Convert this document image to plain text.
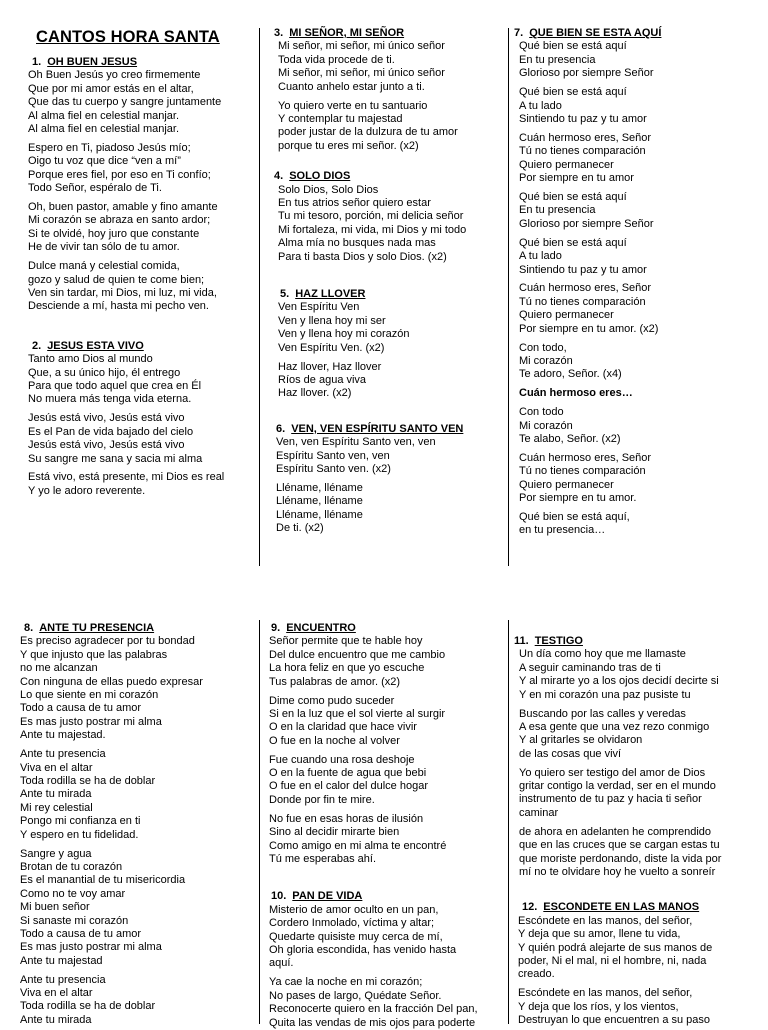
CANTOS HORA SANTA
1. OH BUEN JESUS
Oh Buen Jesús yo creo firmemente
Que por mi amor estás en el altar,
Que das tu cuerpo y sangre juntamente
Al alma fiel en celestial manjar.
Al alma fiel en celestial manjar.
Espero en Ti, piadoso Jesús mío;
Oigo tu voz que dice “ven a mí”
Porque eres fiel, por eso en Ti confío;
Todo Señor, espéralo de Ti.
Oh, buen pastor, amable y fino amante
Mi corazón se abraza en santo ardor;
Si te olvidé, hoy juro que constante
He de vivir tan sólo de tu amor.
Dulce maná y celestial comida,
gozo y salud de quien te come bien;
Ven sin tardar, mi Dios, mi luz, mi vida,
Desciende a mí, hasta mi pecho ven.
2. JESUS ESTA VIVO
Tanto amo Dios al mundo
Que, a su único hijo, él entrego
Para que todo aquel que crea en Él
No muera más tenga vida eterna.
Jesús está vivo, Jesús está vivo
Es el Pan de vida bajado del cielo
Jesús está vivo, Jesús está vivo
Su sangre me sana y sacia mi alma
Está vivo, está presente, mi Dios es real
Y yo le adoro reverente.
3. MI SEÑOR, MI SEÑOR
Mi señor, mi señor, mi único señor
Toda vida procede de ti.
Mi señor, mi señor, mi único señor
Cuanto anhelo estar junto a ti.
Yo quiero verte en tu santuario
Y contemplar tu majestad
poder justar de la dulzura de tu amor
porque tu eres mi señor. (x2)
4. SOLO DIOS
Solo Dios, Solo Dios
En tus atrios señor quiero estar
Tu mi tesoro, porción, mi delicia señor
Mi fortaleza, mi vida, mi Dios y mi todo
Alma mía no busques nada mas
Para ti basta Dios y solo Dios. (x2)
5. HAZ LLOVER
Ven Espíritu Ven
Ven y llena hoy mi ser
Ven y llena hoy mi corazón
Ven Espíritu Ven. (x2)
Haz llover, Haz llover
Ríos de agua viva
Haz llover. (x2)
6. VEN, VEN ESPÍRITU SANTO VEN
Ven, ven Espíritu Santo ven, ven
Espíritu Santo ven, ven
Espíritu Santo ven. (x2)
Lléname, lléname
Lléname, lléname
Lléname, lléname
De ti. (x2)
7. QUE BIEN SE ESTA AQUÍ
Qué bien se está aquí
En tu presencia
Glorioso por siempre Señor
Qué bien se está aquí
A tu lado
Sintiendo tu paz y tu amor
Cuán hermoso eres, Señor
Tú no tienes comparación
Quiero permanecer
Por siempre en tu amor
Qué bien se está aquí
En tu presencia
Glorioso por siempre Señor
Qué bien se está aquí
A tu lado
Sintiendo tu paz y tu amor
Cuán hermoso eres, Señor
Tú no tienes comparación
Quiero permanecer
Por siempre en tu amor. (x2)
Con todo,
Mi corazón
Te adoro, Señor. (x4)
Cuán hermoso eres…
Con todo
Mi corazón
Te alabo, Señor. (x2)
Cuán hermoso eres, Señor
Tú no tienes comparación
Quiero permanecer
Por siempre en tu amor.
Qué bien se está aquí,
en tu presencia…
8. ANTE TU PRESENCIA
Es preciso agradecer por tu bondad
Y que injusto que las palabras
no me alcanzan
Con ninguna de ellas puedo expresar
Lo que siente en mi corazón
Todo a causa de tu amor
Es mas justo postrar mi alma
Ante tu majestad.
Ante tu presencia
Viva en el altar
Toda rodilla se ha de doblar
Ante tu mirada
Mi rey celestial
Pongo mi confianza en ti
Y espero en tu fidelidad.
Sangre y agua
Brotan de tu corazón
Es el manantial de tu misericordia
Como no te voy amar
Mi buen señor
Si sanaste mi corazón
Todo a causa de tu amor
Es mas justo postrar mi alma
Ante tu majestad
Ante tu presencia
Viva en el altar
Toda rodilla se ha de doblar
Ante tu mirada
9. ENCUENTRO
Señor permite que te hable hoy
Del dulce encuentro que me cambio
La hora feliz en que yo escuche
Tus palabras de amor. (x2)
Dime como pudo suceder
Si en la luz que el sol vierte al surgir
O en la claridad que hace vivir
O fue en la noche al volver
Fue cuando una rosa deshoje
O en la fuente de agua que bebi
O fue en el calor del dulce hogar
Donde por fin te mire.
No fue en esas horas de ilusión
Sino al decidir mirarte bien
Como amigo en mi alma te encontré
Tú me esperabas ahí.
10. PAN DE VIDA
Misterio de amor oculto en un pan,
Cordero Inmolado, víctima y altar;
Quedarte quisiste muy cerca de mí,
Oh gloria escondida, has venido hasta
aquí.
Ya cae la noche en mi corazón;
No pases de largo, Quédate Señor.
Reconocerte quiero en la fracción Del pan,
Quita las vendas de mis ojos para poderte
11. TESTIGO
Un día como hoy que me llamaste
A seguir caminando tras de ti
Y al mirarte yo a los ojos decidí decirte si
Y en mi corazón una paz pusiste tu
Buscando por las calles y veredas
A esa gente que una vez rezo conmigo
Y al gritarles se olvidaron
de las cosas que viví
Yo quiero ser testigo del amor de Dios
gritar contigo la verdad, ser en el mundo
instrumento de tu paz y hacia ti señor
caminar
de ahora en adelanten he comprendido
que en las cruces que se cargan estas tu
que moriste perdonando, diste la vida por
mí no te olvidare hoy he vuelto a sonreír
12. ESCONDETE EN LAS MANOS
Escóndete en las manos, del señor,
Y deja que su amor, llene tu vida,
Y quién podrá alejarte de sus manos de
poder, Ni el mal, ni el hombre, ni, nada
creado.
Escóndete en las manos, del señor,
Y deja que los ríos, y los vientos,
Destruyan lo que encuentren a su paso
